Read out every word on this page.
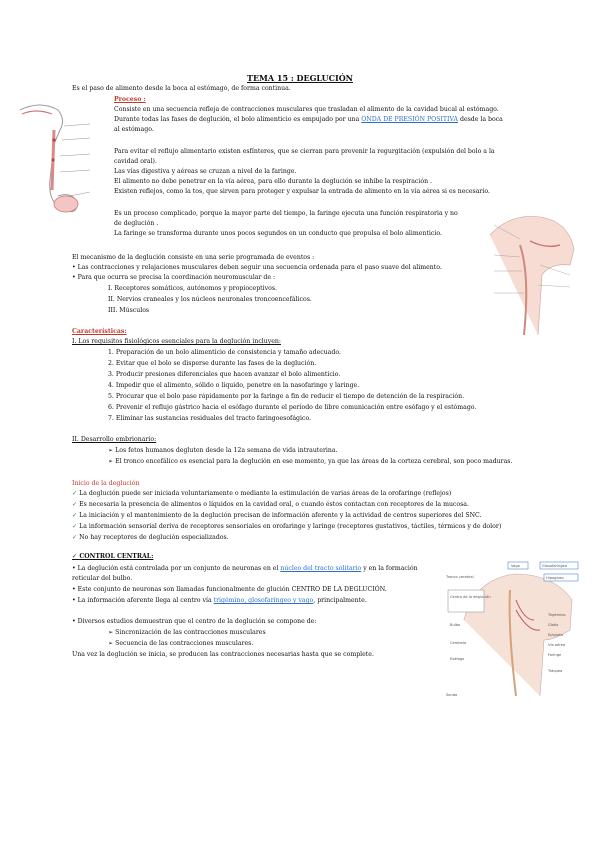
TEMA 15 : DEGLUCIÓN
Es el paso de alimento desde la boca al estómago, de forma continua.
Proceso :
Consiste en una secuencia refleja de contracciones musculares que trasladan el alimento de la cavidad bucal al estómago.
Durante todas las fases de deglución, el bolo alimenticio es empujado por una ONDA DE PRESIÓN POSITIVA desde la boca
al estómago.
Para evitar el reflujo alimentario existen esfínteres, que se cierran para prevenir la regurgitación (expulsión del bolo a la
cavidad oral).
Las vías digestiva y aéreas se cruzan a nivel de la faringe.
El alimento no debe penetrar en la vía aérea, para ello durante la deglución se inhibe la respiración .
Existen reflejos, como la tos, que sirven para proteger y expulsar la entrada de alimento en la vía aérea si es necesario.
Es un proceso complicado, porque la mayor parte del tiempo, la faringe ejecuta una función respiratoria y no
de deglución .
La faringe se transforma durante unos pocos segundos en un conducto que propulsa el bolo alimenticio.
El mecanismo de la deglución consiste en una serie programada de eventos :
• Las contracciones y relajaciones musculares deben seguir una secuencia ordenada para el paso suave del alimento.
• Para que ocurra se precisa la coordinación neuromuscular de :
I. Receptores somáticos, autónomos y propioceptivos.
II. Nervios craneales y los núcleos neuronales troncoencefálicos.
III. Músculos
Características:
I. Los requisitos fisiológicos esenciales para la deglución incluyen:
1. Preparación de un bolo alimenticio de consistencia y tamaño adecuado.
2. Evitar que el bolo se disperse durante las fases de la deglución.
3. Producir presiones diferenciales que hacen avanzar el bolo alimenticio.
4. Impedir que el alimento, sólido o líquido, penetre en la nasofaringe y laringe.
5. Procurar que el bolo pase rápidamente por la faringe a fin de reducir el tiempo de detención de la respiración.
6. Prevenir el reflujo gástrico hacia el esófago durante el período de libre comunicación entre esófago y el estómago.
7. Eliminar las sustancias residuales del tracto faringoesofágico.
II. Desarrollo embrionario:
➢ Los fetos humanos degluten desde la 12a semana de vida intrauterina.
➢ El tronco encefálico es esencial para la deglución en ese momento, ya que las áreas de la corteza cerebral, son poco maduras.
Inicio de la deglución
✓ La deglución puede ser iniciada voluntariamente o mediante la estimulación de varias áreas de la orofaringe (reflejos)
✓ Es necesaria la presencia de alimentos o líquidos en la cavidad oral, o cuando éstos contactan con receptores de la mucosa.
✓ La iniciación y el mantenimiento de la deglución precisan de información aferente y la actividad de centros superiores del SNC.
✓ La información sensorial deriva de receptores sensoriales en orofaringe y laringe (receptores gustativos, táctiles, térmicos y de dolor)
✓ No hay receptores de deglución especializados.
✓ CONTROL CENTRAL:
• La deglución está controlada por un conjunto de neuronas en el núcleo del tracto solitario y en la formación
reticular del bulbo.
• Este conjunto de neuronas son llamadas funcionalmente de glución CENTRO DE LA DEGLUCIÓN.
• La información aferente llega al centro vía trigémino, glosofaríngeo y vago, principalmente.
• Diversos estudios demuestran que el centro de la deglución se compone de:
➢ Sincronización de las contracciones musculares
➢ Secuencia de las contracciones musculares.
Una vez la deglución se inicia, se producen las contracciones necesarias hasta que se complete.
Vago	Glosofaríngeo
Hipogloso
Centro de la deglución
Tronco cerebral
Bulbo
Esófago
Cerebelo
Trigémino
Glotis
Epiglotis
Vía aérea
Faringe
Tráquea
Sonda
